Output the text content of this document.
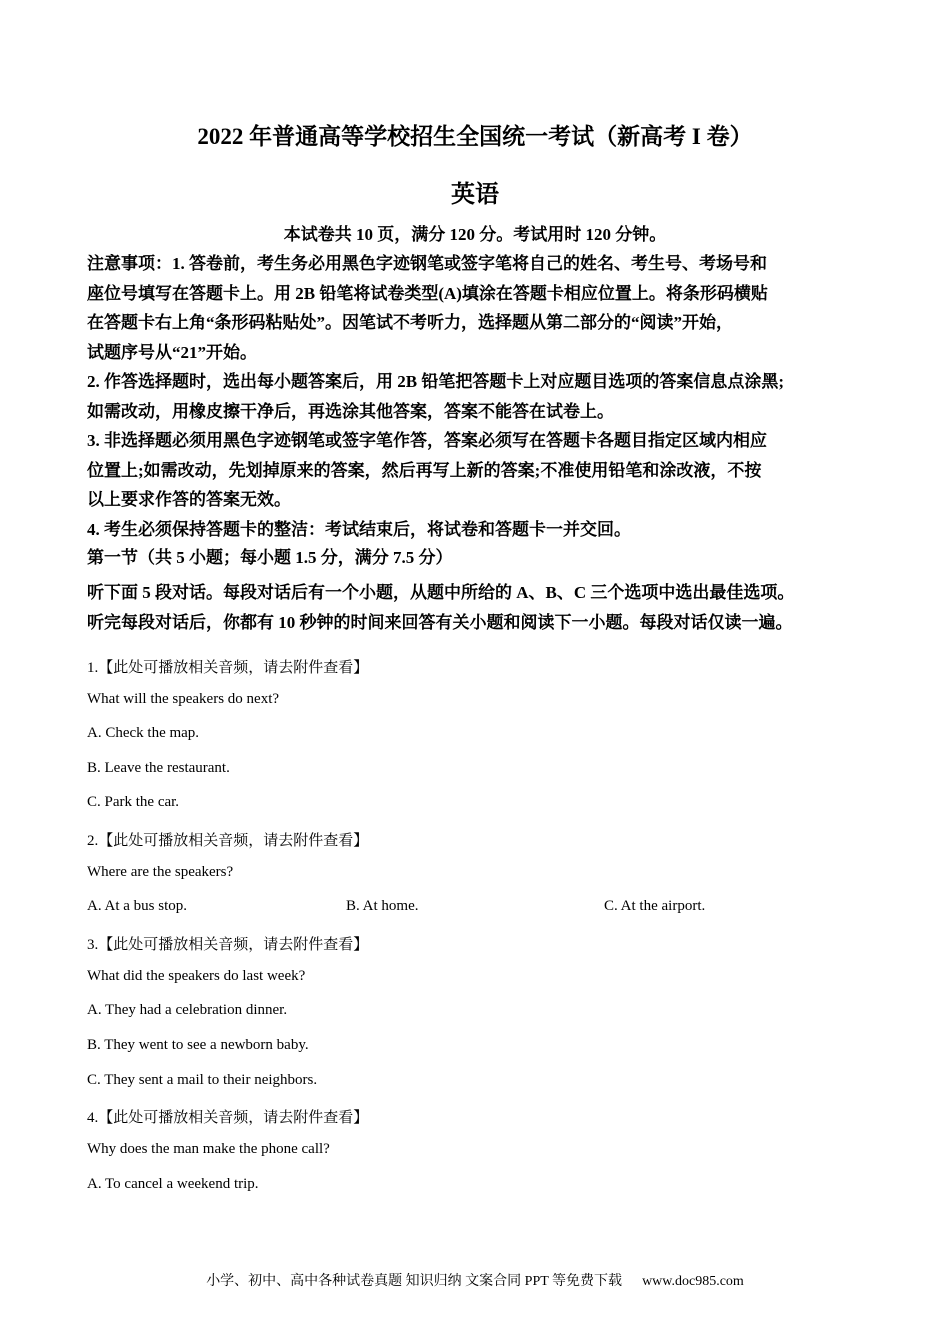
2022 年普通高等学校招生全国统一考试（新高考 I 卷）
英语
本试卷共 10 页，满分 120 分。考试用时 120 分钟。
注意事项：1. 答卷前，考生务必用黑色字迹钢笔或签字笔将自己的姓名、考生号、考场号和
座位号填写在答题卡上。用 2B 铅笔将试卷类型(A)填涂在答题卡相应位置上。将条形码横贴
在答题卡右上角“条形码粘贴处”。因笔试不考听力，选择题从第二部分的“阅读”开始，
试题序号从“21”开始。
2. 作答选择题时，选出每小题答案后，用 2B 铅笔把答题卡上对应题目选项的答案信息点涂黑;
如需改动，用橡皮擦干净后，再选涂其他答案，答案不能答在试卷上。
3. 非选择题必须用黑色字迹钢笔或签字笔作答，答案必须写在答题卡各题目指定区域内相应
位置上;如需改动，先划掉原来的答案，然后再写上新的答案;不准使用铅笔和涂改液，不按
以上要求作答的答案无效。
4. 考生必须保持答题卡的整洁：考试结束后，将试卷和答题卡一并交回。
第一节（共 5 小题；每小题 1.5 分，满分 7.5 分）
听下面 5 段对话。每段对话后有一个小题，从题中所给的 A、B、C 三个选项中选出最佳选项。
听完每段对话后，你都有 10 秒钟的时间来回答有关小题和阅读下一小题。每段对话仅读一遍。
1.【此处可播放相关音频，请去附件查看】
What will the speakers do next?
A. Check the map.
B. Leave the restaurant.
C. Park the car.
2.【此处可播放相关音频，请去附件查看】
Where are the speakers?
A. At a bus stop.	B. At home.	C. At the airport.
3.【此处可播放相关音频，请去附件查看】
What did the speakers do last week?
A. They had a celebration dinner.
B. They went to see a newborn baby.
C. They sent a mail to their neighbors.
4.【此处可播放相关音频，请去附件查看】
Why does the man make the phone call?
A. To cancel a weekend trip.
小学、初中、高中各种试卷真题 知识归纳 文案合同 PPT 等免费下载 www.doc985.com
